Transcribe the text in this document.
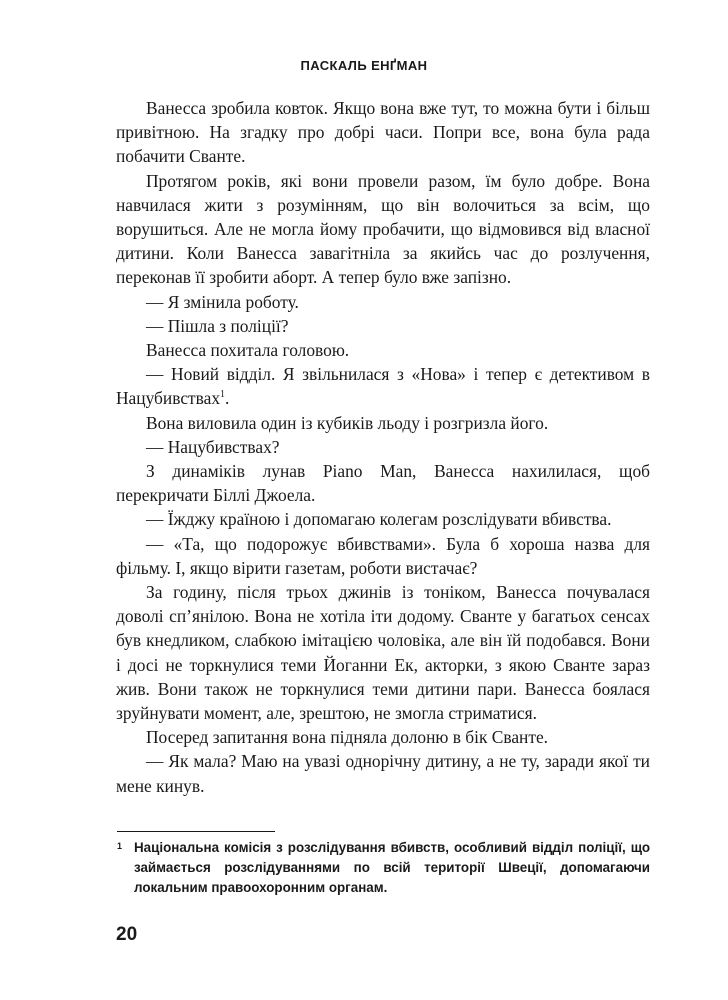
ПАСКАЛЬ ЕНҐМАН

Ванесса зробила ковток. Якщо вона вже тут, то можна бути і більш привітною. На згадку про добрі часи. Попри все, вона була рада побачити Сванте.

Протягом років, які вони провели разом, їм було добре. Вона навчилася жити з розумінням, що він волочиться за всім, що ворушиться. Але не могла йому пробачити, що відмовився від власної дитини. Коли Ванесса завагітніла за якийсь час до розлучення, переконав її зробити аборт. А тепер було вже запізно.

— Я змінила роботу.

— Пішла з поліції?

Ванесса похитала головою.

— Новий відділ. Я звільнилася з «Нова» і тепер є детективом в Нацубивствах$^1$.

Вона виловила один із кубиків льоду і розгризла його.

— Нацубивствах?

З динаміків лунав Piano Man, Ванесса нахилилася, щоб перекричати Біллі Джоела.

— Їжджу країною і допомагаю колегам розслідувати вбивства.

— «Та, що подорожує вбивствами». Була б хороша назва для фільму. І, якщо вірити газетам, роботи вистачає?

За годину, після трьох джинів із тоніком, Ванесса почувалася доволі сп’янілою. Вона не хотіла іти додому. Сванте у багатьох сенсах був кнедликом, слабкою імітацією чоловіка, але він їй подобався. Вони і досі не торкнулися теми Йоганни Ек, акторки, з якою Сванте зараз жив. Вони також не торкнулися теми дитини пари. Ванесса боялася зруйнувати момент, але, зрештою, не змогла стриматися.

Посеред запитання вона підняла долоню в бік Сванте.

— Як мала? Маю на увазі однорічну дитину, а не ту, заради якої ти мене кинув.

1 Національна комісія з розслідування вбивств, особливий відділ поліції, що займається розслідуваннями по всій території Швеції, допомагаючи локальним правоохоронним органам.
20
